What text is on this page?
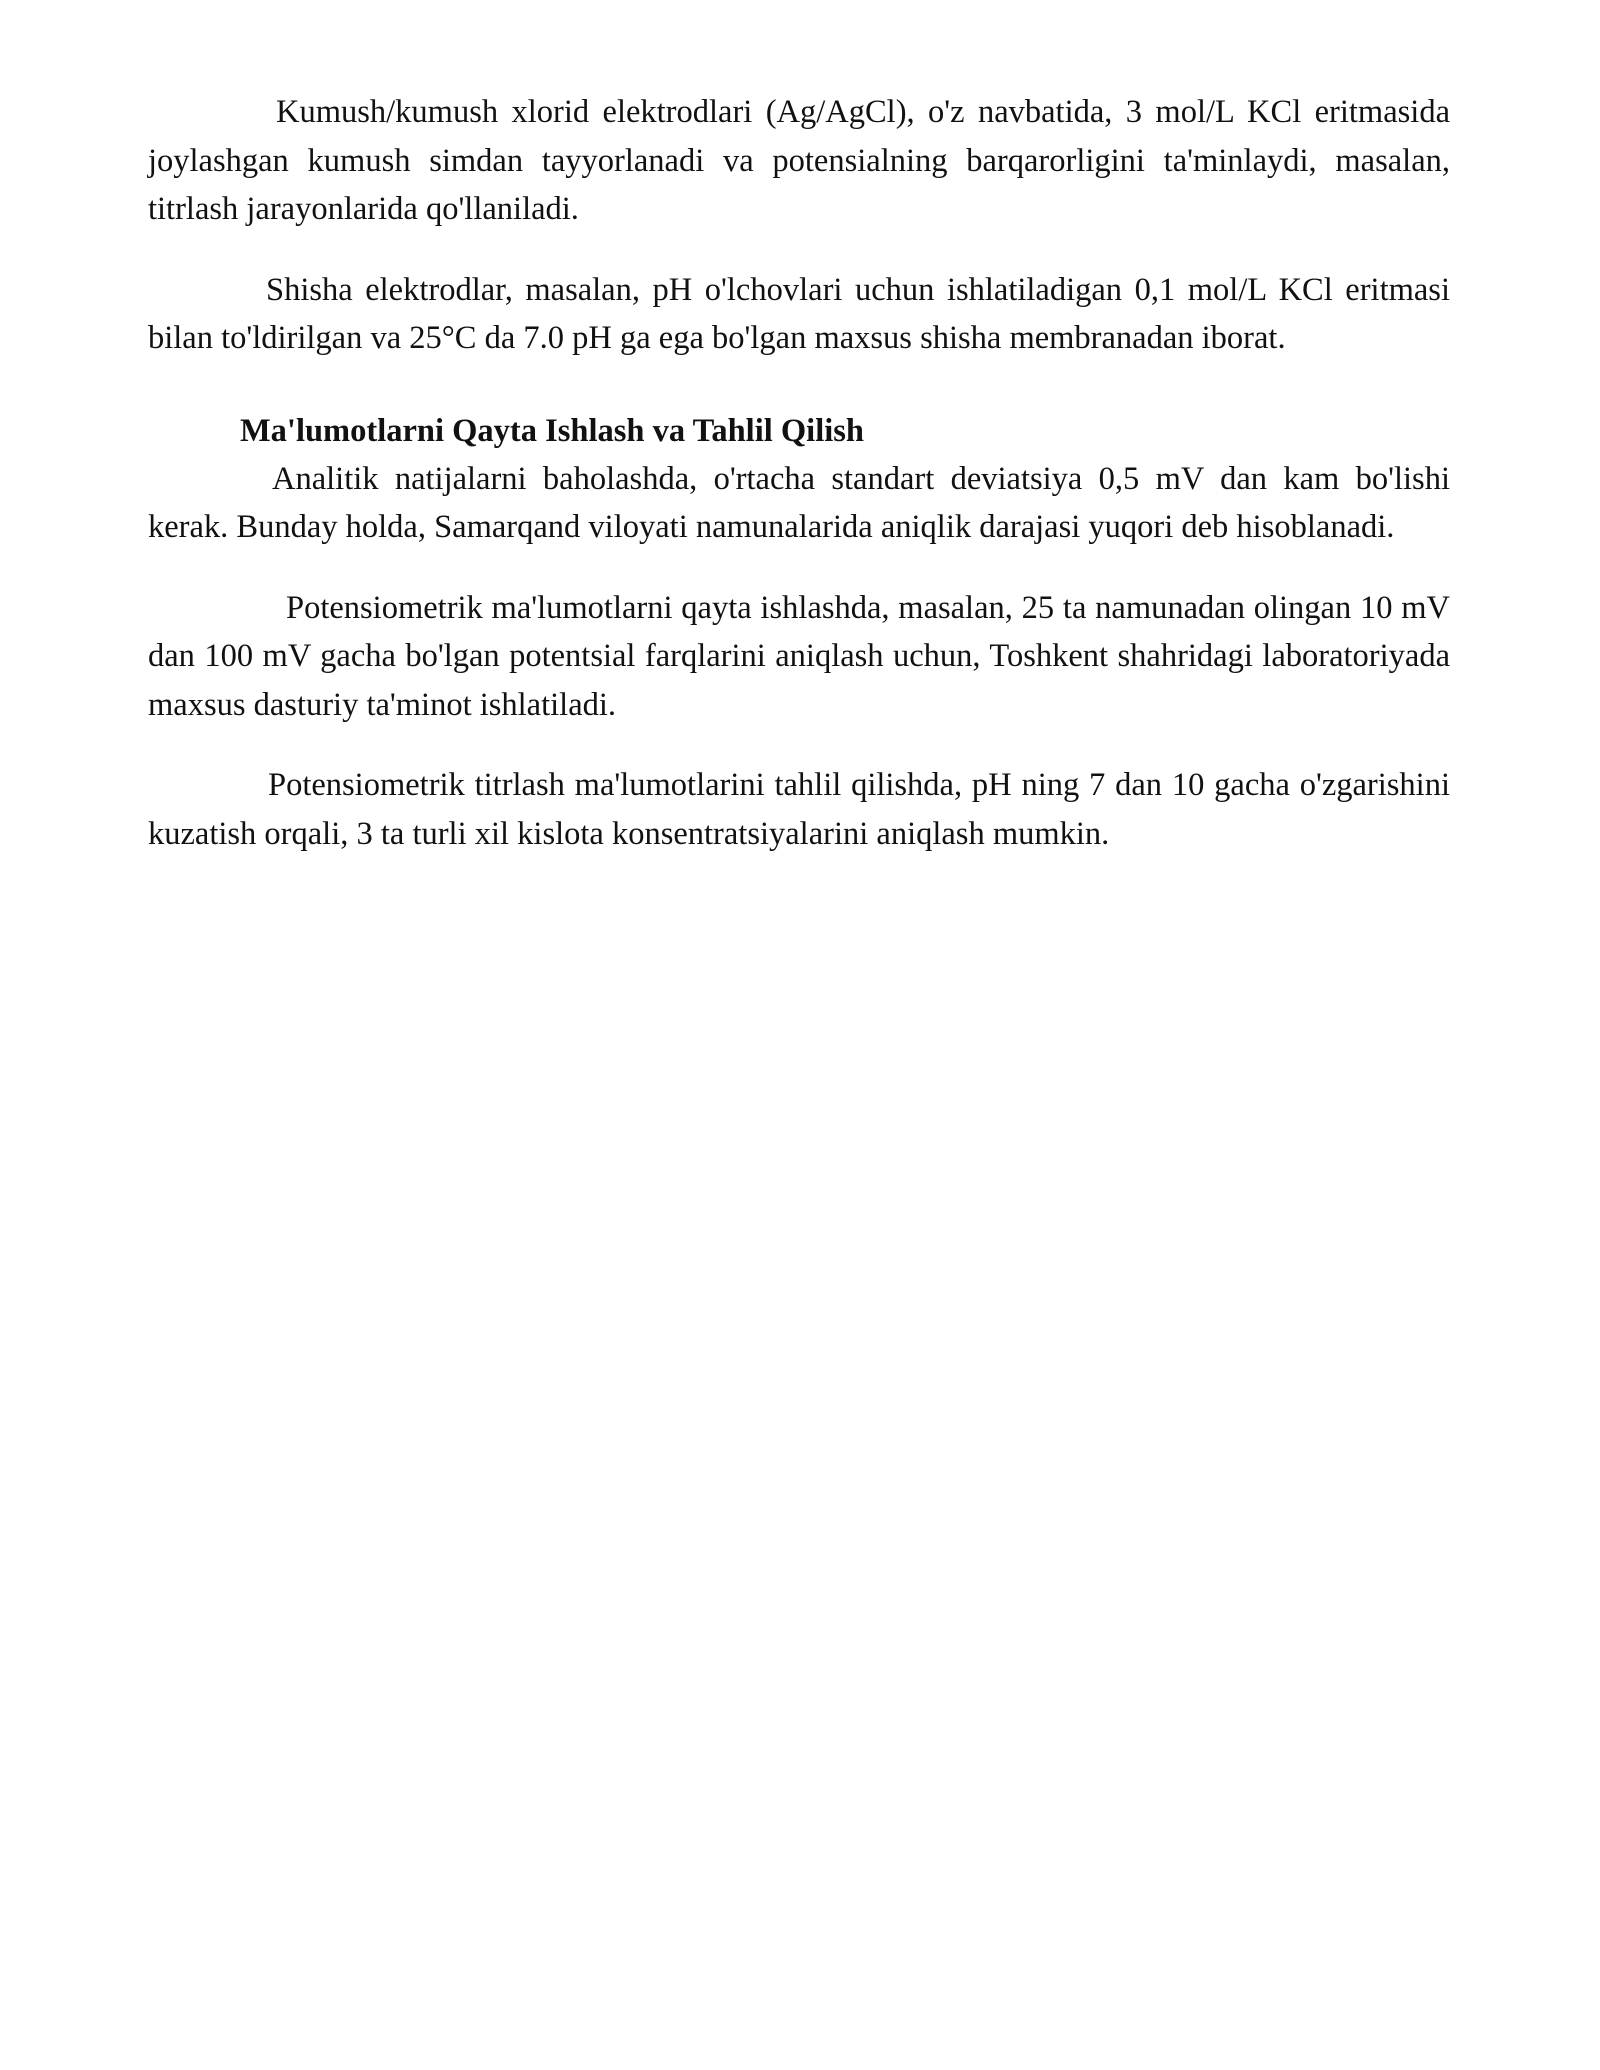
Kumush/kumush xlorid elektrodlari (Ag/AgCl), o'z navbatida, 3 mol/L KCl eritmasida joylashgan kumush simdan tayyorlanadi va potensialning barqarorligini ta'minlaydi, masalan, titrlash jarayonlarida qo'llaniladi.

Shisha elektrodlar, masalan, pH o'lchovlari uchun ishlatiladigan 0,1 mol/L KCl eritmasi bilan to'ldirilgan va 25°C da 7.0 pH ga ega bo'lgan maxsus shisha membranadan iborat.

Ma'lumotlarni Qayta Ishlash va Tahlil Qilish

Analitik natijalarni baholashda, o'rtacha standart deviatsiya 0,5 mV dan kam bo'lishi kerak. Bunday holda, Samarqand viloyati namunalarida aniqlik darajasi yuqori deb hisoblanadi.

Potensiometrik ma'lumotlarni qayta ishlashda, masalan, 25 ta namunadan olingan 10 mV dan 100 mV gacha bo'lgan potentsial farqlarini aniqlash uchun, Toshkent shahridagi laboratoriyada maxsus dasturiy ta'minot ishlatiladi.

Potensiometrik titrlash ma'lumotlarini tahlil qilishda, pH ning 7 dan 10 gacha o'zgarishini kuzatish orqali, 3 ta turli xil kislota konsentratsiyalarini aniqlash mumkin.
